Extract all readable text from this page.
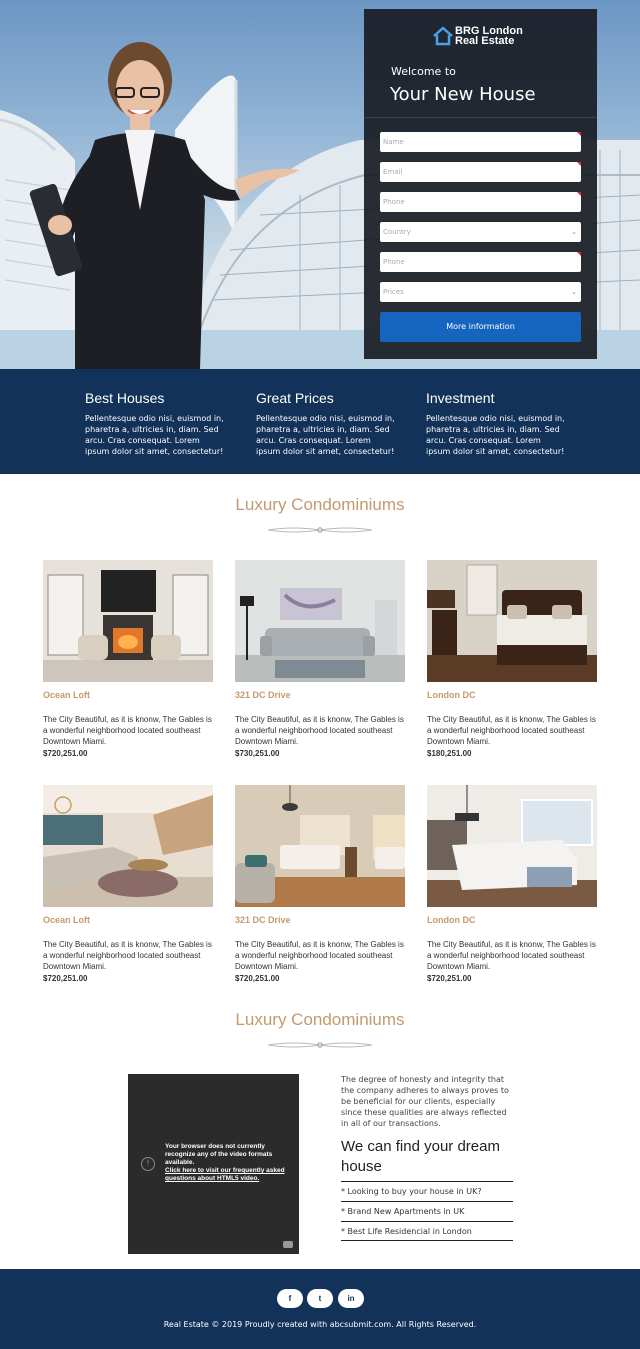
BRG London
Real Estate
Welcome to
Your New House
Name
Email
Phone
Country	⌄
Phone
Prices	⌄
More information
Best Houses

Pellentesque odio nisi, euismod in, pharetra a, ultricies in, diam. Sed arcu. Cras consequat. Lorem ipsum dolor sit amet, consectetur!

Great Prices

Pellentesque odio nisi, euismod in, pharetra a, ultricies in, diam. Sed arcu. Cras consequat. Lorem ipsum dolor sit amet, consectetur!

Investment

Pellentesque odio nisi, euismod in, pharetra a, ultricies in, diam. Sed arcu. Cras consequat. Lorem ipsum dolor sit amet, consectetur!

Luxury Condominiums
Ocean Loft
The City Beautiful, as it is knonw, The Gables is a wonderful neighborhood located southeast Downtown Miami.
$720,251.00
321 DC Drive
The City Beautiful, as it is knonw, The Gables is a wonderful neighborhood located southeast Downtown Miami.
$730,251.00
London DC
The City Beautiful, as it is knonw, The Gables is a wonderful neighborhood located southeast Downtown Miami.
$180,251.00
Ocean Loft
The City Beautiful, as it is knonw, The Gables is a wonderful neighborhood located southeast Downtown Miami.
$720,251.00
321 DC Drive
The City Beautiful, as it is knonw, The Gables is a wonderful neighborhood located southeast Downtown Miami.
$720,251.00
London DC
The City Beautiful, as it is knonw, The Gables is a wonderful neighborhood located southeast Downtown Miami.
$720,251.00
Luxury Condominiums
!
Your browser does not currently recognize any of the video formats available.
Click here to visit our frequently asked questions about HTML5 video.

The degree of honesty and integrity that the company adheres to always proves to be beneficial for our clients, especially since these qualities are always reflected in all of our transactions.

We can find your dream house
* Looking to buy your house in UK?
* Brand New Apartments in UK
* Best Life Residencial in London
f	t	in
Real Estate © 2019 Proudly created with abcsubmit.com. All Rights Reserved.
